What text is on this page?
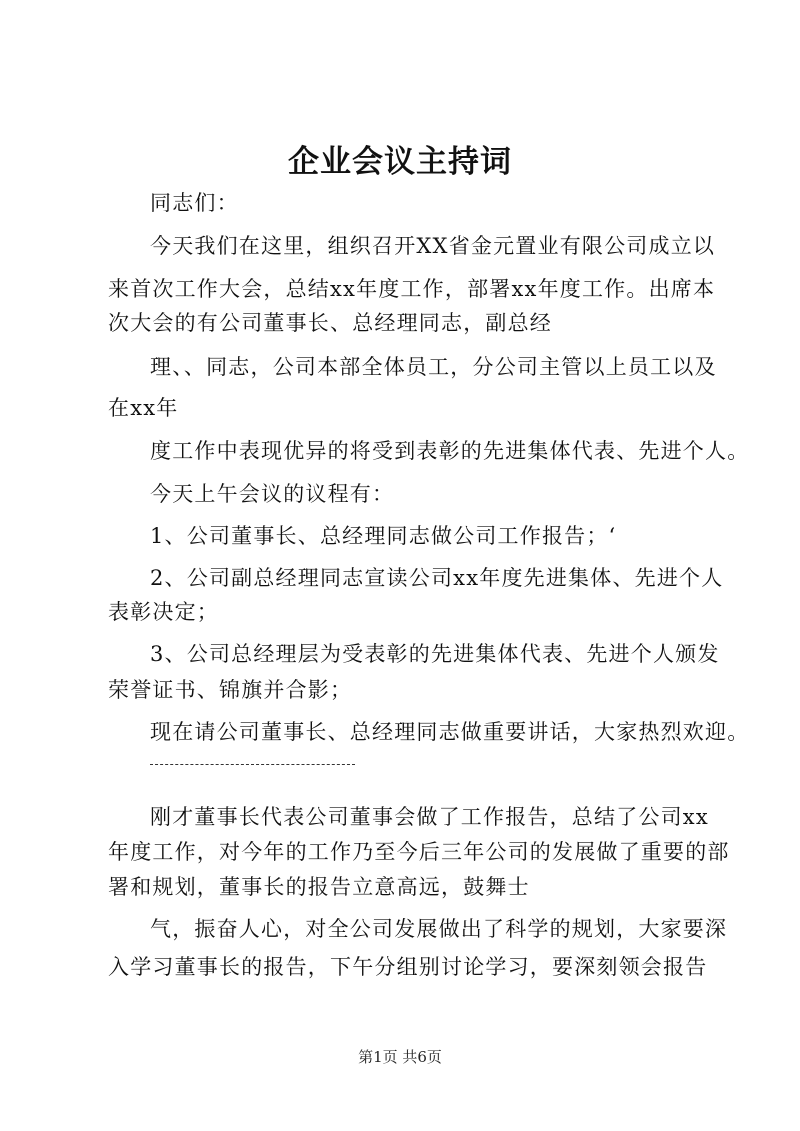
企业会议主持词
同志们：
今天我们在这里，组织召开XX省金元置业有限公司成立以
来首次工作大会，总结xx年度工作，部署xx年度工作。出席本
次大会的有公司董事长、总经理同志，副总经
理、、同志，公司本部全体员工，分公司主管以上员工以及
在xx年
度工作中表现优异的将受到表彰的先进集体代表、先进个人。
今天上午会议的议程有：
1、公司董事长、总经理同志做公司工作报告；‘
2、公司副总经理同志宣读公司xx年度先进集体、先进个人
表彰决定；
3、公司总经理层为受表彰的先进集体代表、先进个人颁发
荣誉证书、锦旗并合影；
现在请公司董事长、总经理同志做重要讲话，大家热烈欢迎。
刚才董事长代表公司董事会做了工作报告，总结了公司xx
年度工作，对今年的工作乃至今后三年公司的发展做了重要的部
署和规划，董事长的报告立意高远，鼓舞士
气，振奋人心，对全公司发展做出了科学的规划，大家要深
入学习董事长的报告，下午分组别讨论学习，要深刻领会报告
第1页 共6页
